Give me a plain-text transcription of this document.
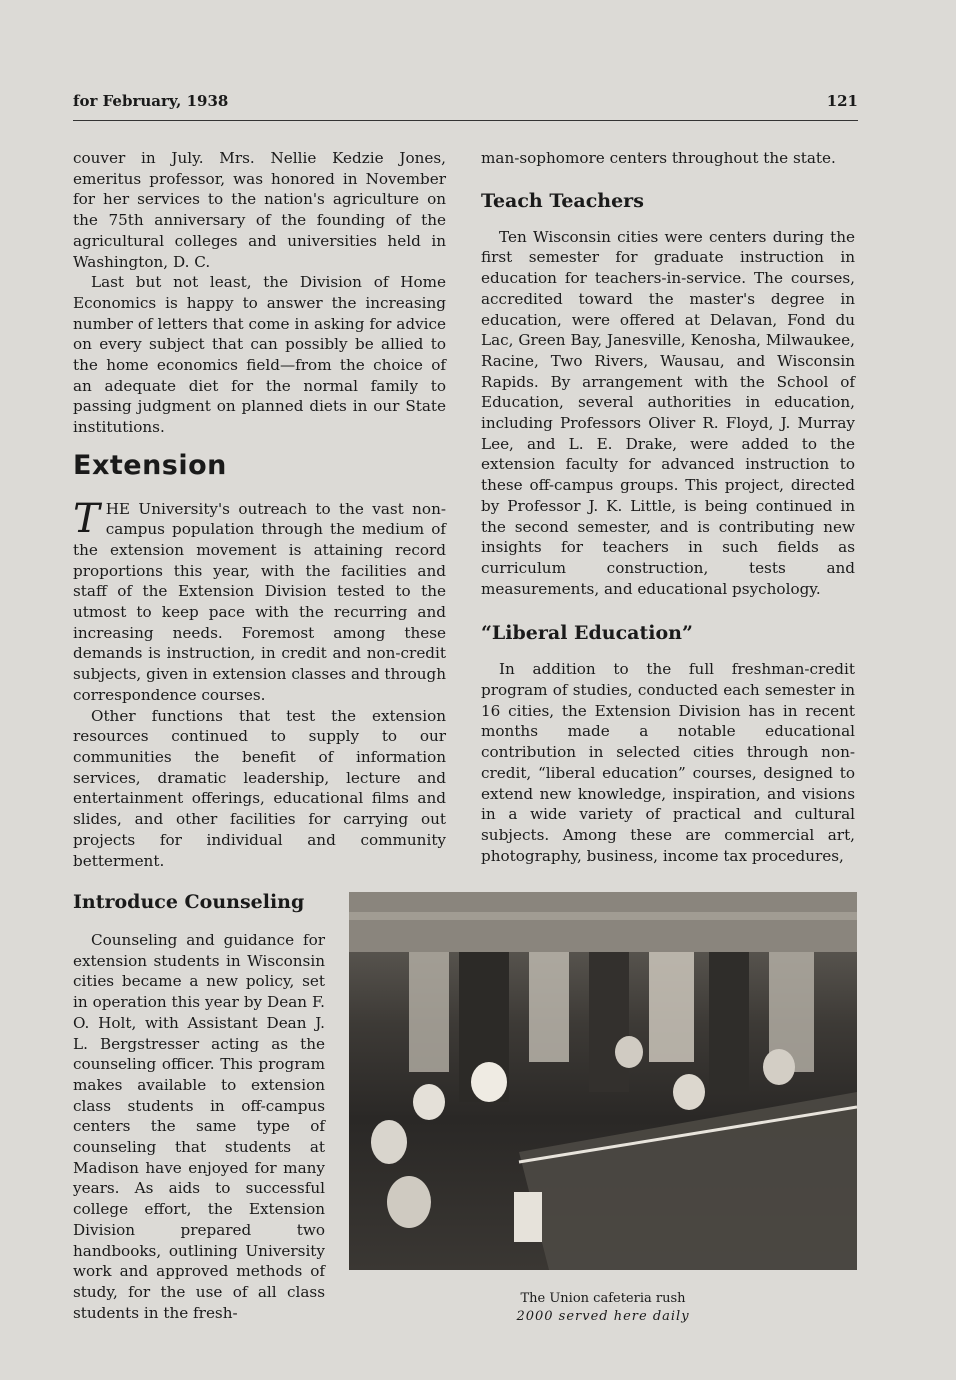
for February, 1938	121

couver in July. Mrs. Nellie Kedzie Jones, emeritus professor, was honored in November for her services to the nation's agriculture on the 75th anniversary of the founding of the agricultural colleges and universities held in Washington, D. C.

Last but not least, the Division of Home Economics is happy to answer the increasing number of letters that come in asking for advice on every subject that can possibly be allied to the home economics field—from the choice of an adequate diet for the normal family to passing judgment on planned diets in our State institutions.

Extension

THE University's outreach to the vast non-campus population through the medium of the extension movement is attaining record proportions this year, with the facilities and staff of the Extension Division tested to the utmost to keep pace with the recurring and increasing needs. Foremost among these demands is instruction, in credit and non-credit subjects, given in extension classes and through correspondence courses.

Other functions that test the extension resources continued to supply to our communities the benefit of information services, dramatic leadership, lecture and entertainment offerings, educational films and slides, and other facilities for carrying out projects for individual and community betterment.

man-sophomore centers throughout the state.

Teach Teachers

Ten Wisconsin cities were centers during the first semester for graduate instruction in education for teachers-in-service. The courses, accredited toward the master's degree in education, were offered at Delavan, Fond du Lac, Green Bay, Janesville, Kenosha, Milwaukee, Racine, Two Rivers, Wausau, and Wisconsin Rapids. By arrangement with the School of Education, several authorities in education, including Professors Oliver R. Floyd, J. Murray Lee, and L. E. Drake, were added to the extension faculty for advanced instruction to these off-campus groups. This project, directed by Professor J. K. Little, is being continued in the second semester, and is contributing new insights for teachers in such fields as curriculum construction, tests and measurements, and educational psychology.

“Liberal Education”

In addition to the full freshman-credit program of studies, conducted each semester in 16 cities, the Extension Division has in recent months made a notable educational contribution in selected cities through non-credit, “liberal education” courses, designed to extend new knowledge, inspiration, and visions in a wide variety of practical and cultural subjects. Among these are commercial art, photography, business, income tax procedures,

Introduce Counseling

Counseling and guidance for extension students in Wisconsin cities became a new policy, set in operation this year by Dean F. O. Holt, with Assistant Dean J. L. Bergstresser acting as the counseling officer. This program makes available to extension class students in off-campus centers the same type of counseling that students at Madison have enjoyed for many years. As aids to successful college effort, the Extension Division prepared two handbooks, outlining University work and approved methods of study, for the use of all class students in the fresh-

The Union cafeteria rush
2000 served here daily
